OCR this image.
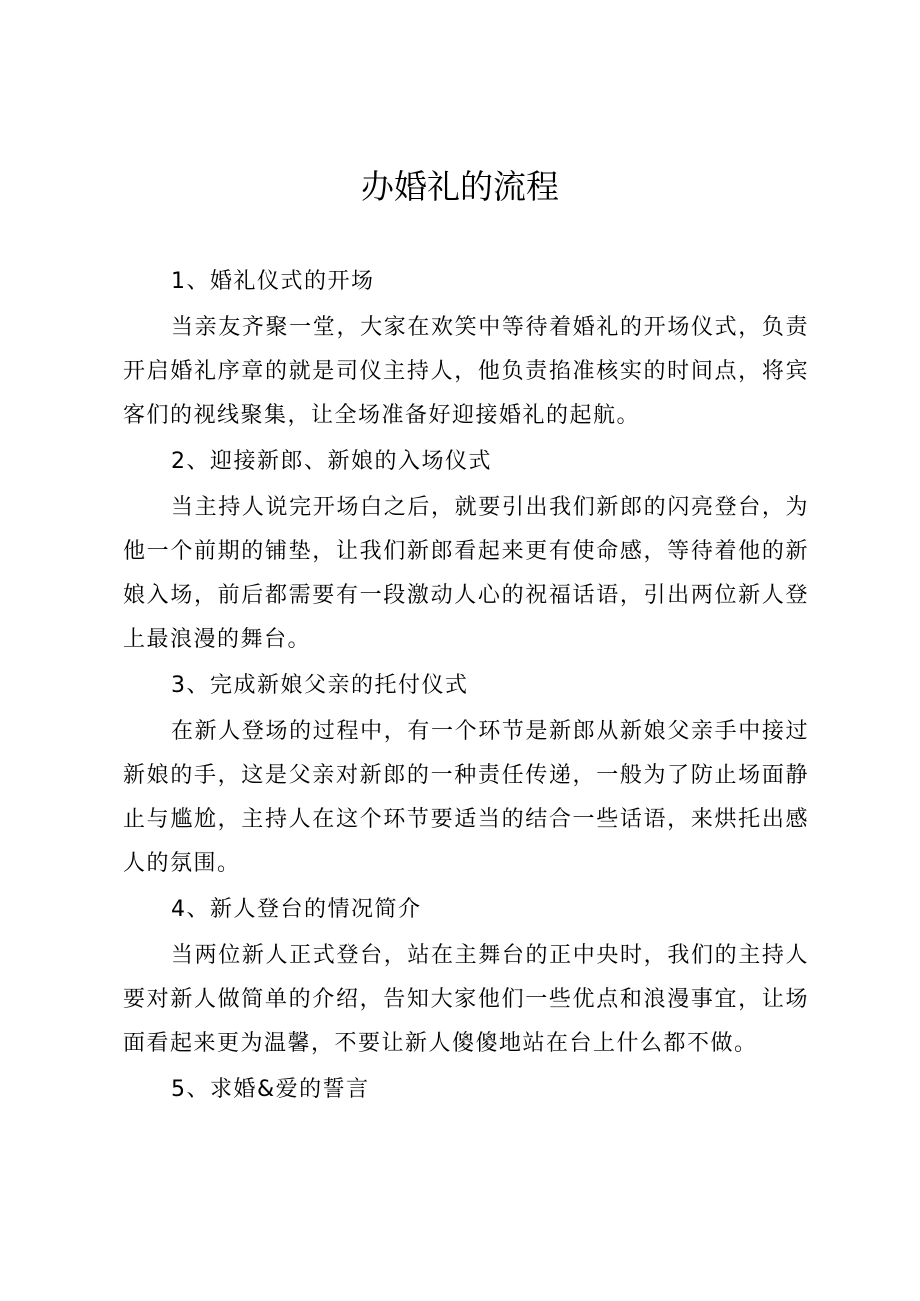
办婚礼的流程
1、婚礼仪式的开场

当亲友齐聚一堂，大家在欢笑中等待着婚礼的开场仪式，负责开启婚礼序章的就是司仪主持人，他负责掐准核实的时间点，将宾客们的视线聚集，让全场准备好迎接婚礼的起航。

2、迎接新郎、新娘的入场仪式

当主持人说完开场白之后，就要引出我们新郎的闪亮登台，为他一个前期的铺垫，让我们新郎看起来更有使命感，等待着他的新娘入场，前后都需要有一段激动人心的祝福话语，引出两位新人登上最浪漫的舞台。

3、完成新娘父亲的托付仪式

在新人登场的过程中，有一个环节是新郎从新娘父亲手中接过新娘的手，这是父亲对新郎的一种责任传递，一般为了防止场面静止与尴尬，主持人在这个环节要适当的结合一些话语，来烘托出感人的氛围。

4、新人登台的情况简介

当两位新人正式登台，站在主舞台的正中央时，我们的主持人要对新人做简单的介绍，告知大家他们一些优点和浪漫事宜，让场面看起来更为温馨，不要让新人傻傻地站在台上什么都不做。

5、求婚&爱的誓言
